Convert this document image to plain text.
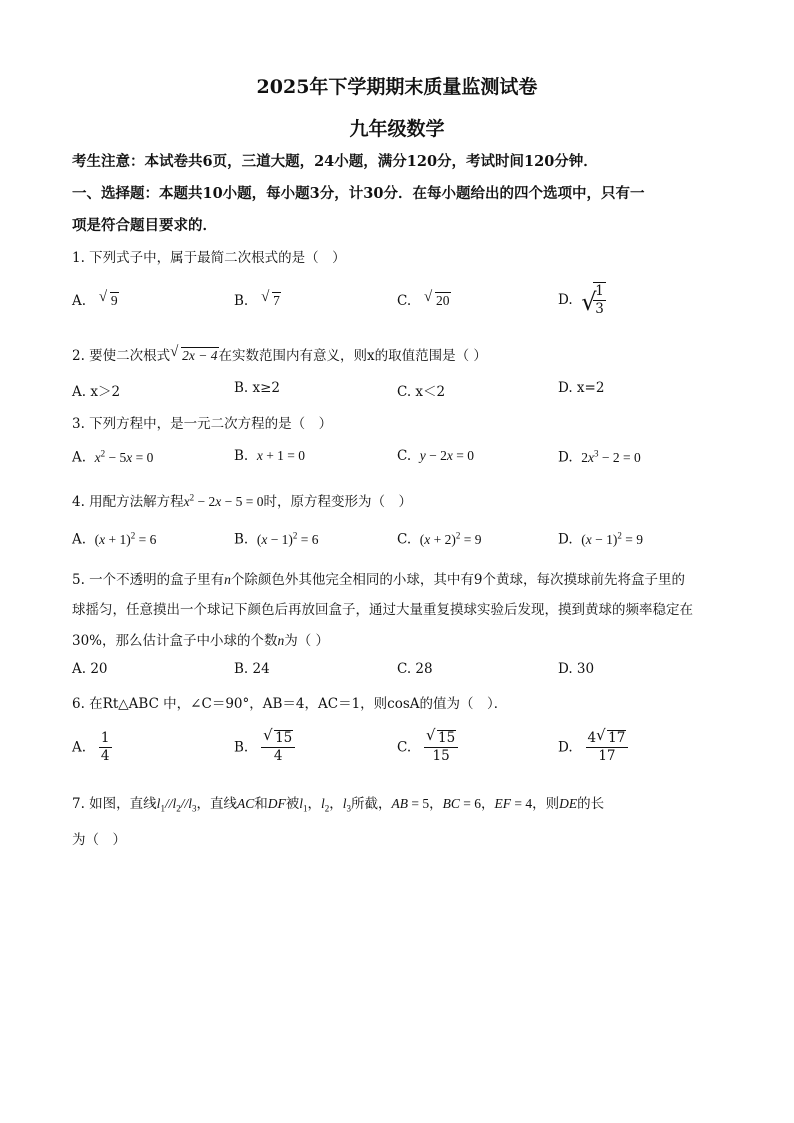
2025年下学期期末质量监测试卷
九年级数学
考生注意：本试卷共6页，三道大题，24小题，满分120分，考试时间120分钟．
一、选择题：本题共10小题，每小题3分，计30分．在每小题给出的四个选项中，只有一
项是符合题目要求的．
1. 下列式子中，属于最简二次根式的是（　）
A. √ 9	B. √ 7	C. √ 20	D. √
$\frac{1}{3}$
2. 要使二次根式 √ 2x − 4在实数范围内有意义，则x的取值范围是（ ）
A. x＞2	B. x≥2	C. x＜2	D. x=2
3. 下列方程中，是一元二次方程的是（　）
A. $x^2 - 5x = 0$	B. x + 1 = 0	C. y − 2x = 0	D. $2x^3 - 2 = 0$
4. 用配方法解方程$x^2 - 2x - 5 = 0$时，原方程变形为（　）
A. $(x + 1)^2 = 6$	B. $(x - 1)^2 = 6$	C. $(x + 2)^2 = 9$	D. $(x - 1)^2 = 9$
5. 一个不透明的盒子里有n个除颜色外其他完全相同的小球，其中有9个黄球，每次摸球前先将盒子里的
球摇匀，任意摸出一个球记下颜色后再放回盒子，通过大量重复摸球实验后发现，摸到黄球的频率稳定在
30%，那么估计盒子中小球的个数n为（ ）
A. 20	B. 24	C. 28	D. 30
6. 在Rt△ABC 中，∠C＝90°，AB＝4，AC＝1，则cosA的值为（　）．
A. $\frac{1}{4}$	B. $\frac{√ 15}{4}$	C. $\frac{√ 15}{15}$	D. $\frac{4 √ 17}{17}$
7. 如图，直线$l_1//l_2//l_3$，直线AC和DF被$l_1$，$l_2$，$l_3$所截，AB = 5，BC = 6，EF = 4，则DE的长
为（　）
